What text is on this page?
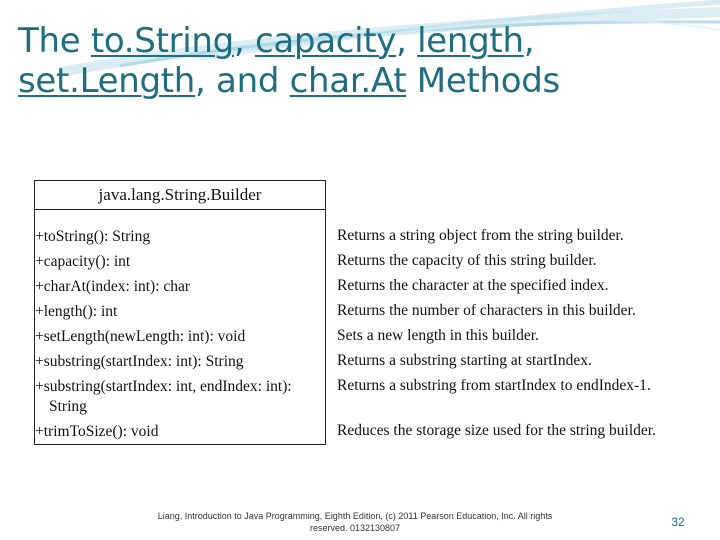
The to.String, capacity, length,
set.Length, and char.At Methods
java.lang.String.Builder
+toString(): String
+capacity(): int
+charAt(index: int): char
+length(): int
+setLength(newLength: int): void
+substring(startIndex: int): String
+substring(startIndex: int, endIndex: int):
String
+trimToSize(): void
Returns a string object from the string builder.
Returns the capacity of this string builder.
Returns the character at the specified index.
Returns the number of characters in this builder.
Sets a new length in this builder.
Returns a substring starting at startIndex.
Returns a substring from startIndex to endIndex-1.
Reduces the storage size used for the string builder.
Liang, Introduction to Java Programming, Eighth Edition, (c) 2011 Pearson Education, Inc. All rights reserved. 0132130807	32
